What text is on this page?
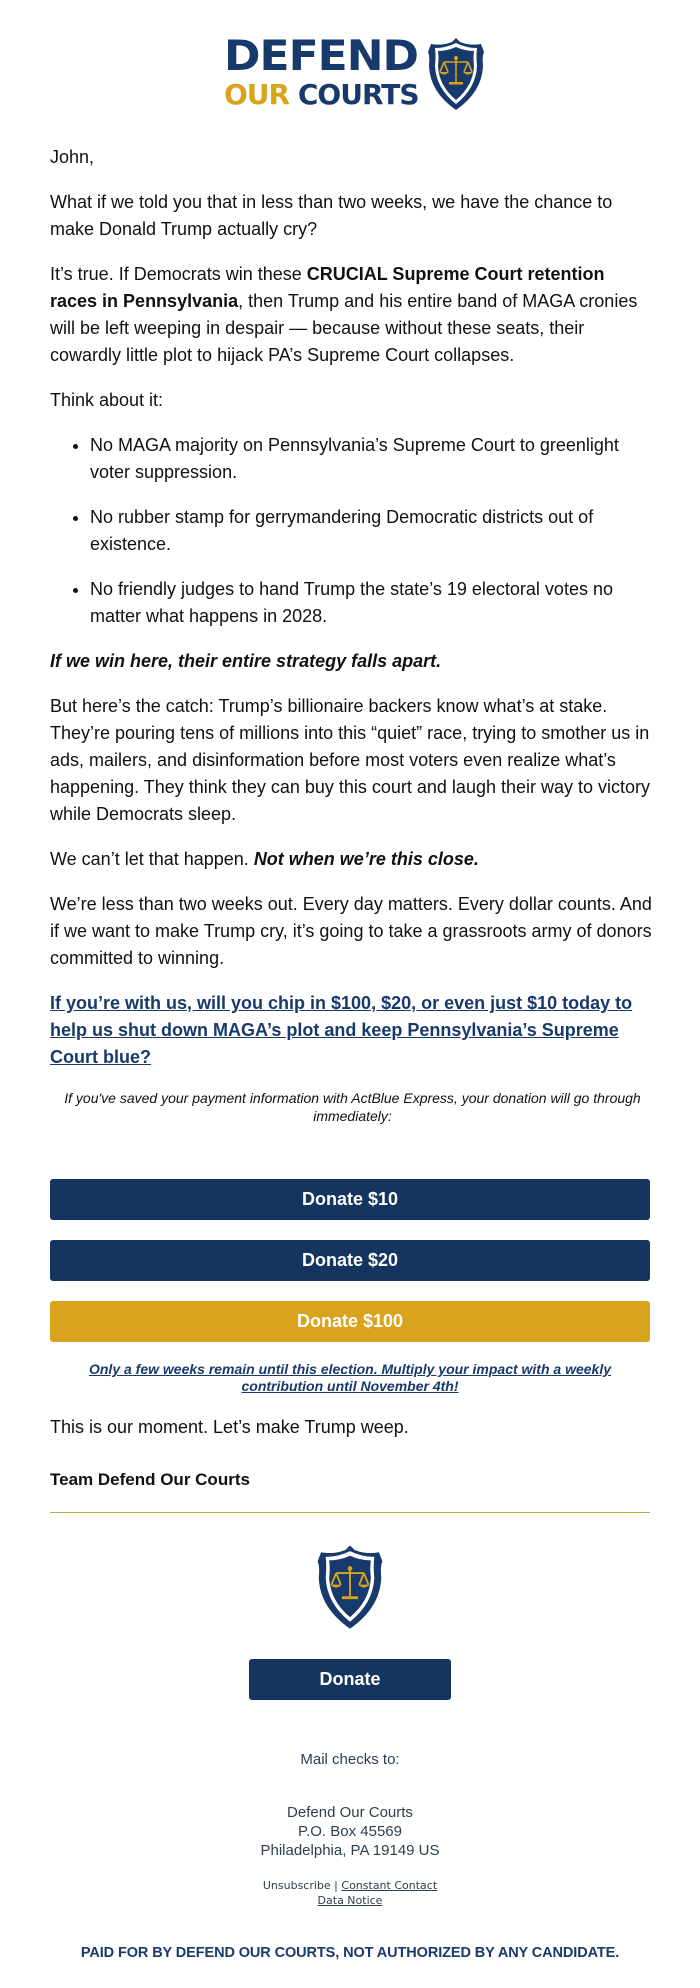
DEFEND
OUR COURTS

John,

What if we told you that in less than two weeks, we have the chance to make Donald Trump actually cry?

It’s true. If Democrats win these CRUCIAL Supreme Court retention races in Pennsylvania, then Trump and his entire band of MAGA cronies will be left weeping in despair — because without these seats, their cowardly little plot to hijack PA’s Supreme Court collapses.

Think about it:

• No MAGA majority on Pennsylvania’s Supreme Court to greenlight voter suppression.
• No rubber stamp for gerrymandering Democratic districts out of existence.
• No friendly judges to hand Trump the state’s 19 electoral votes no matter what happens in 2028.

If we win here, their entire strategy falls apart.

But here’s the catch: Trump’s billionaire backers know what’s at stake. They’re pouring tens of millions into this “quiet” race, trying to smother us in ads, mailers, and disinformation before most voters even realize what’s happening. They think they can buy this court and laugh their way to victory while Democrats sleep.

We can’t let that happen. Not when we’re this close.

We’re less than two weeks out. Every day matters. Every dollar counts. And if we want to make Trump cry, it’s going to take a grassroots army of donors committed to winning.

If you’re with us, will you chip in $100, $20, or even just $10 today to help us shut down MAGA’s plot and keep Pennsylvania’s Supreme Court blue?

If you've saved your payment information with ActBlue Express, your donation will go through immediately:

Donate $10
Donate $20
Donate $100
Only a few weeks remain until this election. Multiply your impact with a weekly contribution until November 4th!
This is our moment. Let’s make Trump weep.
Team Defend Our Courts
Donate
Mail checks to:
Defend Our Courts
P.O. Box 45569
Philadelphia, PA 19149 US
Unsubscribe | Constant Contact
Data Notice
PAID FOR BY DEFEND OUR COURTS, NOT AUTHORIZED BY ANY CANDIDATE.
